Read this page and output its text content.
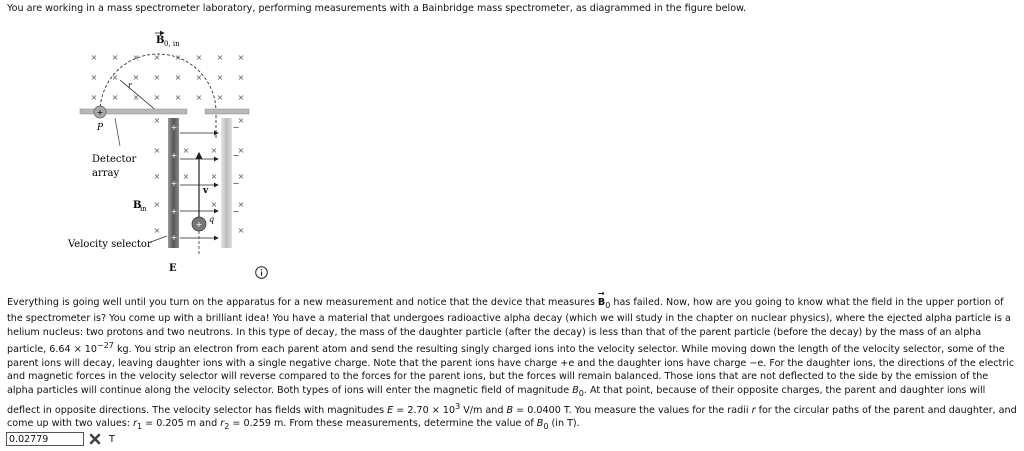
You are working in a mass spectrometer laboratory, performing measurements with a Bainbridge mass spectrometer, as diagrammed in the figure below.
× × × × × × × ×
× × × × × × × ×
× × × × × × × ×
B 0, in
r
+
P
Detector
array
+
+
+
+
+
−
−
−
−
×	×
×	×	×	×
×	×	×	×
×	×	×
×	×
v
+
q
B
in
Velocity selector
E

Everything is going well until you turn on the apparatus for a new measurement and notice that the device that measures → $B_0$ has failed. Now, how are you going to know what the field in the upper portion of the spectrometer is? You come up with a brilliant idea! You have a material that undergoes radioactive alpha decay (which we will study in the chapter on nuclear physics), where the ejected alpha particle is a helium nucleus: two protons and two neutrons. In this type of decay, the mass of the daughter particle (after the decay) is less than that of the parent particle (before the decay) by the mass of an alpha particle, $6.64 \times 10^{-27}$ kg. You strip an electron from each parent atom and send the resulting singly charged ions into the velocity selector. While moving down the length of the velocity selector, some of the parent ions will decay, leaving daughter ions with a single negative charge. Note that the parent ions have charge +e and the daughter ions have charge −e. For the daughter ions, the directions of the electric and magnetic forces in the velocity selector will reverse compared to the forces for the parent ions, but the forces will remain balanced. Those ions that are not deflected to the side by the emission of the alpha particles will continue along the velocity selector. Both types of ions will enter the magnetic field of magnitude $B_0$. At that point, because of their opposite charges, the parent and daughter ions will deflect in opposite directions. The velocity selector has fields with magnitudes $E = 2.70 \times 10^3$ V/m and B = 0.0400 T. You measure the values for the radii r for the circular paths of the parent and daughter, and come up with two values: $r_1 = 0.205$ m and $r_2 = 0.259$ m. From these measurements, determine the value of $B_0$ (in T).

0.02779
T
